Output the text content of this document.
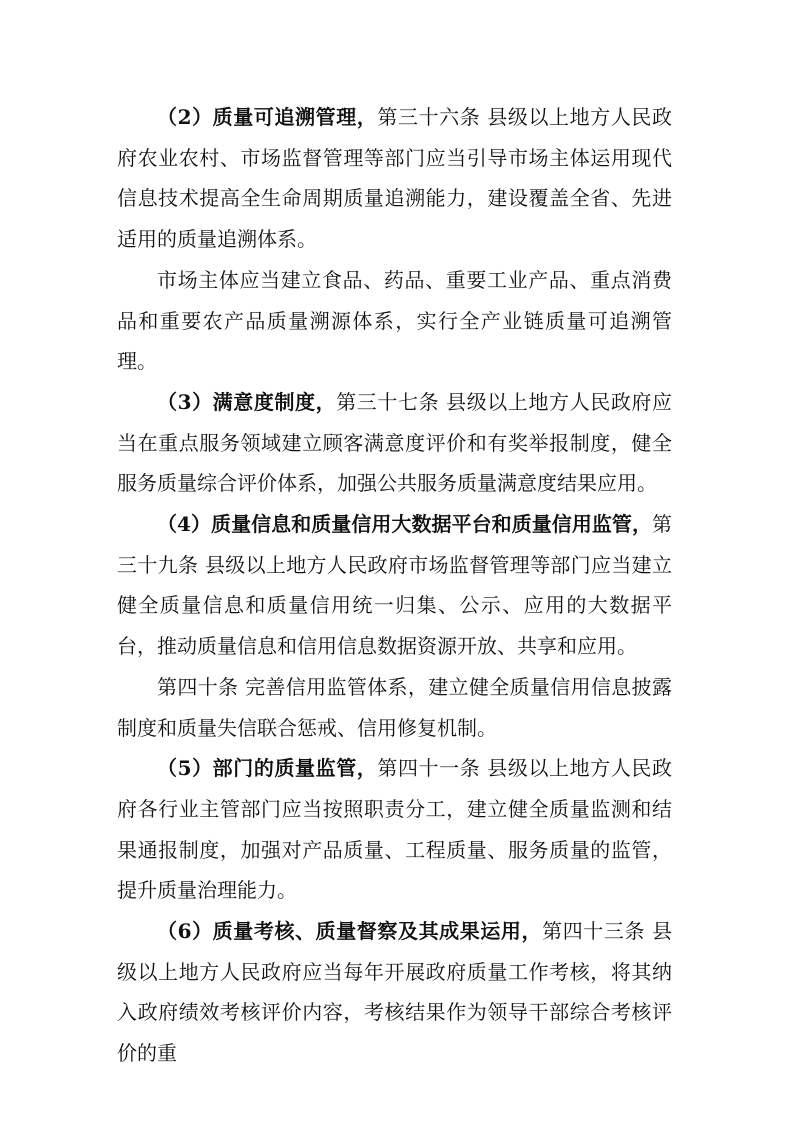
（2）质量可追溯管理，第三十六条 县级以上地方人民政府农业农村、市场监督管理等部门应当引导市场主体运用现代信息技术提高全生命周期质量追溯能力，建设覆盖全省、先进适用的质量追溯体系。

市场主体应当建立食品、药品、重要工业产品、重点消费品和重要农产品质量溯源体系，实行全产业链质量可追溯管理。

（3）满意度制度，第三十七条 县级以上地方人民政府应当在重点服务领域建立顾客满意度评价和有奖举报制度，健全服务质量综合评价体系，加强公共服务质量满意度结果应用。

（4）质量信息和质量信用大数据平台和质量信用监管，第三十九条 县级以上地方人民政府市场监督管理等部门应当建立健全质量信息和质量信用统一归集、公示、应用的大数据平台，推动质量信息和信用信息数据资源开放、共享和应用。

第四十条 完善信用监管体系，建立健全质量信用信息披露制度和质量失信联合惩戒、信用修复机制。

（5）部门的质量监管，第四十一条 县级以上地方人民政府各行业主管部门应当按照职责分工，建立健全质量监测和结果通报制度，加强对产品质量、工程质量、服务质量的监管，提升质量治理能力。

（6）质量考核、质量督察及其成果运用，第四十三条 县级以上地方人民政府应当每年开展政府质量工作考核，将其纳入政府绩效考核评价内容，考核结果作为领导干部综合考核评价的重
